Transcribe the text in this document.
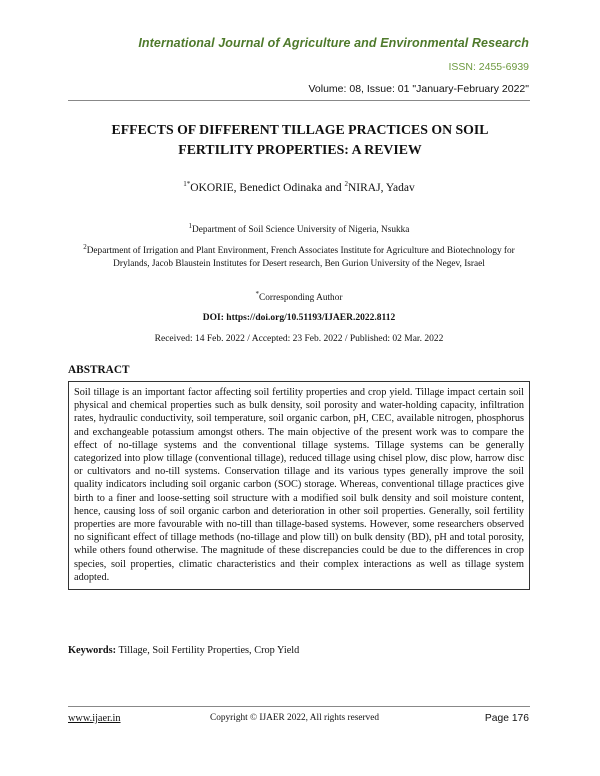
International Journal of Agriculture and Environmental Research
ISSN: 2455-6939
Volume: 08, Issue: 01 "January-February 2022"
EFFECTS OF DIFFERENT TILLAGE PRACTICES ON SOIL FERTILITY PROPERTIES: A REVIEW
$^{1*}$OKORIE, Benedict Odinaka and $^2$NIRAJ, Yadav
$^1$Department of Soil Science University of Nigeria, Nsukka
$^2$Department of Irrigation and Plant Environment, French Associates Institute for Agriculture and Biotechnology for Drylands, Jacob Blaustein Institutes for Desert research, Ben Gurion University of the Negev, Israel
*Corresponding Author
DOI: https://doi.org/10.51193/IJAER.2022.8112
Received: 14 Feb. 2022 / Accepted: 23 Feb. 2022 / Published: 02 Mar. 2022
ABSTRACT
Soil tillage is an important factor affecting soil fertility properties and crop yield. Tillage impact certain soil physical and chemical properties such as bulk density, soil porosity and water-holding capacity, infiltration rates, hydraulic conductivity, soil temperature, soil organic carbon, pH, CEC, available nitrogen, phosphorus and exchangeable potassium amongst others. The main objective of the present work was to compare the effect of no-tillage systems and the conventional tillage systems. Tillage systems can be generally categorized into plow tillage (conventional tillage), reduced tillage using chisel plow, disc plow, harrow disc or cultivators and no-till systems. Conservation tillage and its various types generally improve the soil quality indicators including soil organic carbon (SOC) storage. Whereas, conventional tillage practices give birth to a finer and loose-setting soil structure with a modified soil bulk density and soil moisture content, hence, causing loss of soil organic carbon and deterioration in other soil properties. Generally, soil fertility properties are more favourable with no-till than tillage-based systems. However, some researchers observed no significant effect of tillage methods (no-tillage and plow till) on bulk density (BD), pH and total porosity, while others found otherwise. The magnitude of these discrepancies could be due to the differences in crop species, soil properties, climatic characteristics and their complex interactions as well as tillage system adopted.
Keywords: Tillage, Soil Fertility Properties, Crop Yield
www.ijaer.in	Copyright © IJAER 2022, All rights reserved	Page 176
